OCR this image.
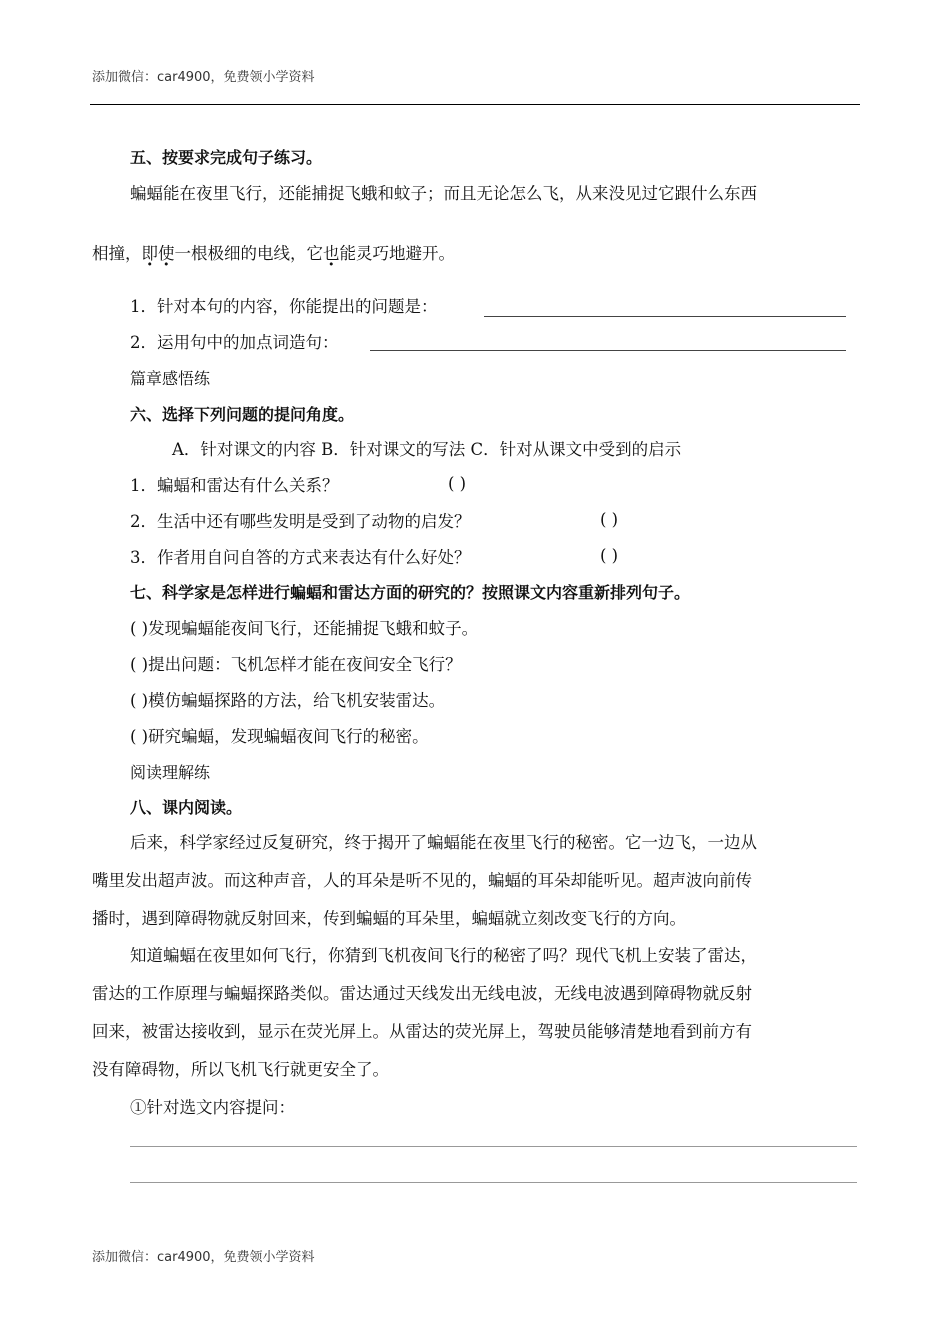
添加微信：car4900，免费领小学资料
五、按要求完成句子练习。
蝙蝠能在夜里飞行，还能捕捉飞蛾和蚊子；而且无论怎么飞，从来没见过它跟什么东西
相撞，即使一根极细的电线，它也能灵巧地避开。
1．针对本句的内容，你能提出的问题是：
2．运用句中的加点词造句：
篇章感悟练
六、选择下列问题的提问角度。
A．针对课文的内容 B．针对课文的写法 C．针对从课文中受到的启示
1．蝙蝠和雷达有什么关系？	( )
2．生活中还有哪些发明是受到了动物的启发？	( )
3．作者用自问自答的方式来表达有什么好处？	( )
七、科学家是怎样进行蝙蝠和雷达方面的研究的？按照课文内容重新排列句子。
( )发现蝙蝠能夜间飞行，还能捕捉飞蛾和蚊子。
( )提出问题：飞机怎样才能在夜间安全飞行？
( )模仿蝙蝠探路的方法，给飞机安装雷达。
( )研究蝙蝠，发现蝙蝠夜间飞行的秘密。
阅读理解练
八、课内阅读。
后来，科学家经过反复研究，终于揭开了蝙蝠能在夜里飞行的秘密。它一边飞，一边从
嘴里发出超声波。而这种声音，人的耳朵是听不见的，蝙蝠的耳朵却能听见。超声波向前传
播时，遇到障碍物就反射回来，传到蝙蝠的耳朵里，蝙蝠就立刻改变飞行的方向。
知道蝙蝠在夜里如何飞行，你猜到飞机夜间飞行的秘密了吗？现代飞机上安装了雷达，
雷达的工作原理与蝙蝠探路类似。雷达通过天线发出无线电波，无线电波遇到障碍物就反射
回来，被雷达接收到，显示在荧光屏上。从雷达的荧光屏上，驾驶员能够清楚地看到前方有
没有障碍物，所以飞机飞行就更安全了。
①针对选文内容提问：
添加微信：car4900，免费领小学资料
